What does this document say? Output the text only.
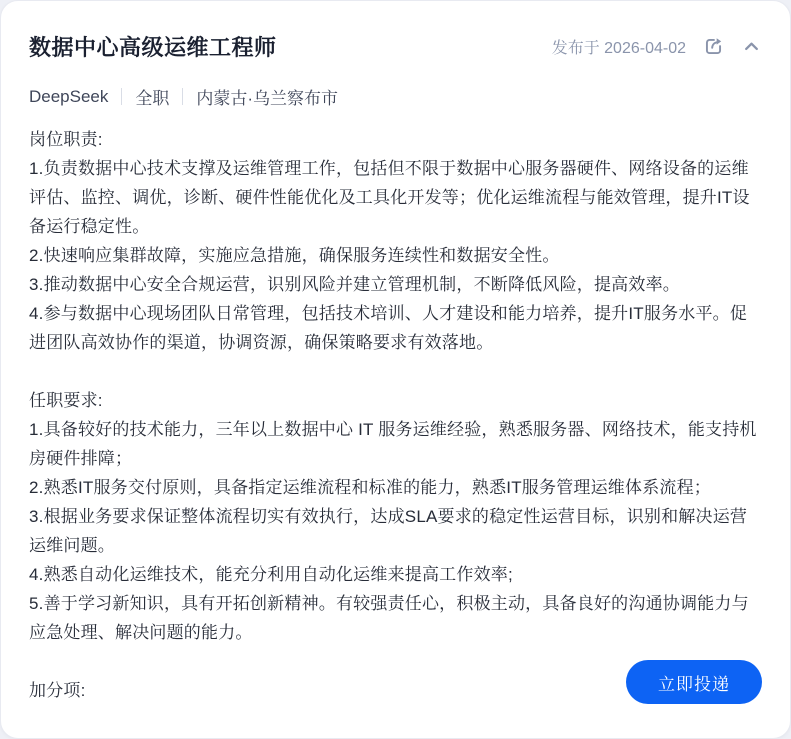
数据中心高级运维工程师	发布于 2026-04-02
DeepSeek 全职 内蒙古·乌兰察布市

岗位职责:

1.负责数据中心技术支撑及运维管理工作，包括但不限于数据中心服务器硬件、网络设备的运维评估、监控、调优，诊断、硬件性能优化及工具化开发等；优化运维流程与能效管理，提升IT设备运行稳定性。

2.快速响应集群故障，实施应急措施，确保服务连续性和数据安全性。

3.推动数据中心安全合规运营，识别风险并建立管理机制，不断降低风险，提高效率。

4.参与数据中心现场团队日常管理，包括技术培训、人才建设和能力培养，提升IT服务水平。促进团队高效协作的渠道，协调资源，确保策略要求有效落地。

任职要求:

1.具备较好的技术能力，三年以上数据中心 IT 服务运维经验，熟悉服务器、网络技术，能支持机房硬件排障；

2.熟悉IT服务交付原则，具备指定运维流程和标准的能力，熟悉IT服务管理运维体系流程；

3.根据业务要求保证整体流程切实有效执行，达成SLA要求的稳定性运营目标，识别和解决运营运维问题。

4.熟悉自动化运维技术，能充分利用自动化运维来提高工作效率;

5.善于学习新知识，具有开拓创新精神。有较强责任心，积极主动，具备良好的沟通协调能力与应急处理、解决问题的能力。

加分项:	立即投递
